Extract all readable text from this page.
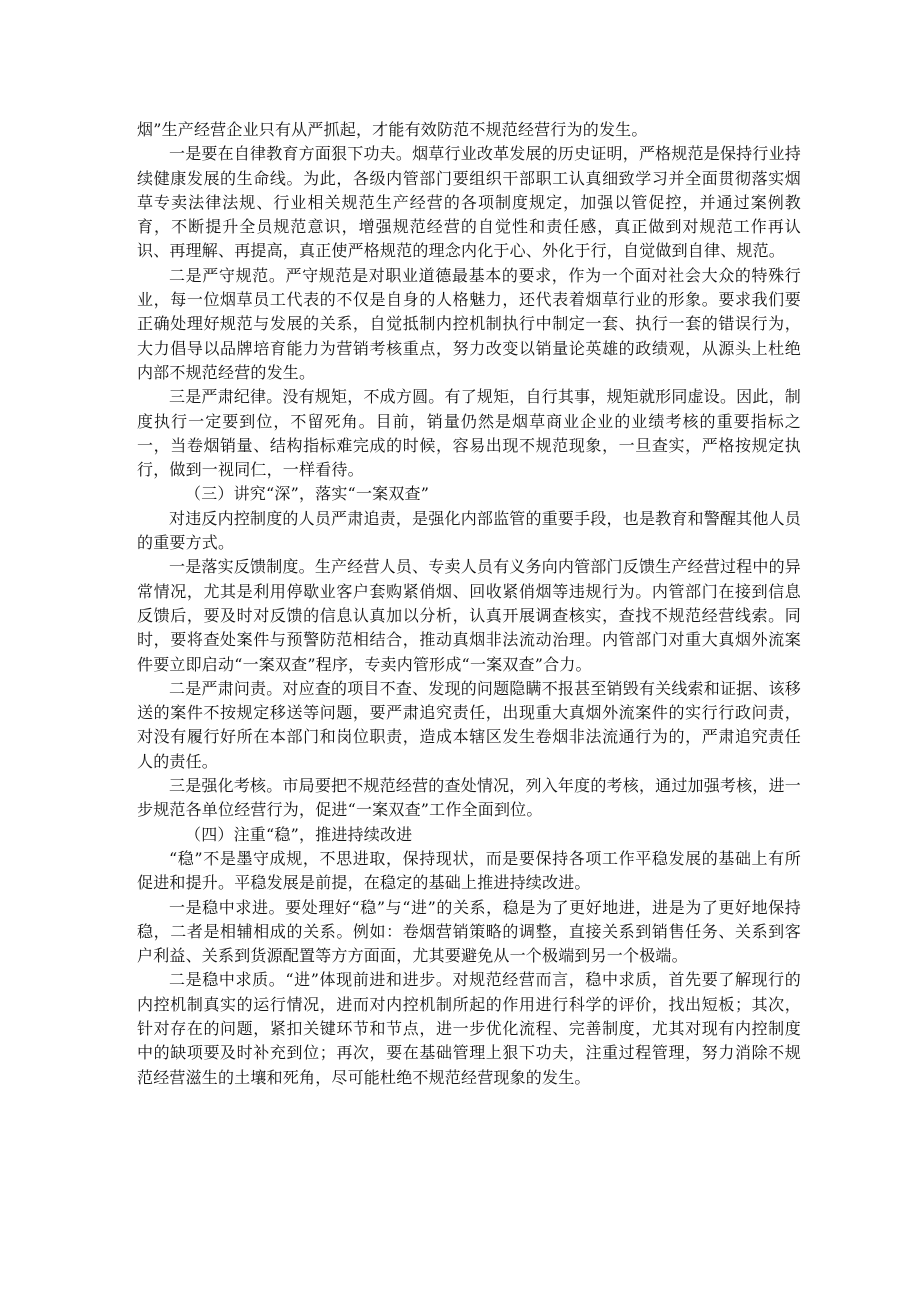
烟”生产经营企业只有从严抓起，才能有效防范不规范经营行为的发生。

一是要在自律教育方面狠下功夫。烟草行业改革发展的历史证明，严格规范是保持行业持续健康发展的生命线。为此，各级内管部门要组织干部职工认真细致学习并全面贯彻落实烟草专卖法律法规、行业相关规范生产经营的各项制度规定，加强以管促控，并通过案例教育，不断提升全员规范意识，增强规范经营的自觉性和责任感，真正做到对规范工作再认识、再理解、再提高，真正使严格规范的理念内化于心、外化于行，自觉做到自律、规范。

二是严守规范。严守规范是对职业道德最基本的要求，作为一个面对社会大众的特殊行业，每一位烟草员工代表的不仅是自身的人格魅力，还代表着烟草行业的形象。要求我们要正确处理好规范与发展的关系，自觉抵制内控机制执行中制定一套、执行一套的错误行为，大力倡导以品牌培育能力为营销考核重点，努力改变以销量论英雄的政绩观，从源头上杜绝内部不规范经营的发生。

三是严肃纪律。没有规矩，不成方圆。有了规矩，自行其事，规矩就形同虚设。因此，制度执行一定要到位，不留死角。目前，销量仍然是烟草商业企业的业绩考核的重要指标之一，当卷烟销量、结构指标难完成的时候，容易出现不规范现象，一旦查实，严格按规定执行，做到一视同仁，一样看待。

（三）讲究“深”，落实“一案双查”

对违反内控制度的人员严肃追责，是强化内部监管的重要手段，也是教育和警醒其他人员的重要方式。

一是落实反馈制度。生产经营人员、专卖人员有义务向内管部门反馈生产经营过程中的异常情况，尤其是利用停歇业客户套购紧俏烟、回收紧俏烟等违规行为。内管部门在接到信息反馈后，要及时对反馈的信息认真加以分析，认真开展调查核实，查找不规范经营线索。同时，要将查处案件与预警防范相结合，推动真烟非法流动治理。内管部门对重大真烟外流案件要立即启动“一案双查”程序，专卖内管形成“一案双查”合力。

二是严肃问责。对应查的项目不查、发现的问题隐瞒不报甚至销毁有关线索和证据、该移送的案件不按规定移送等问题，要严肃追究责任，出现重大真烟外流案件的实行行政问责，对没有履行好所在本部门和岗位职责，造成本辖区发生卷烟非法流通行为的，严肃追究责任人的责任。

三是强化考核。市局要把不规范经营的查处情况，列入年度的考核，通过加强考核，进一步规范各单位经营行为，促进“一案双查”工作全面到位。

（四）注重“稳”，推进持续改进

“稳”不是墨守成规，不思进取，保持现状，而是要保持各项工作平稳发展的基础上有所促进和提升。平稳发展是前提，在稳定的基础上推进持续改进。

一是稳中求进。要处理好“稳”与“进”的关系，稳是为了更好地进，进是为了更好地保持稳，二者是相辅相成的关系。例如：卷烟营销策略的调整，直接关系到销售任务、关系到客户利益、关系到货源配置等方方面面，尤其要避免从一个极端到另一个极端。

二是稳中求质。“进”体现前进和进步。对规范经营而言，稳中求质，首先要了解现行的内控机制真实的运行情况，进而对内控机制所起的作用进行科学的评价，找出短板；其次，针对存在的问题，紧扣关键环节和节点，进一步优化流程、完善制度，尤其对现有内控制度中的缺项要及时补充到位；再次，要在基础管理上狠下功夫，注重过程管理，努力消除不规范经营滋生的土壤和死角，尽可能杜绝不规范经营现象的发生。
